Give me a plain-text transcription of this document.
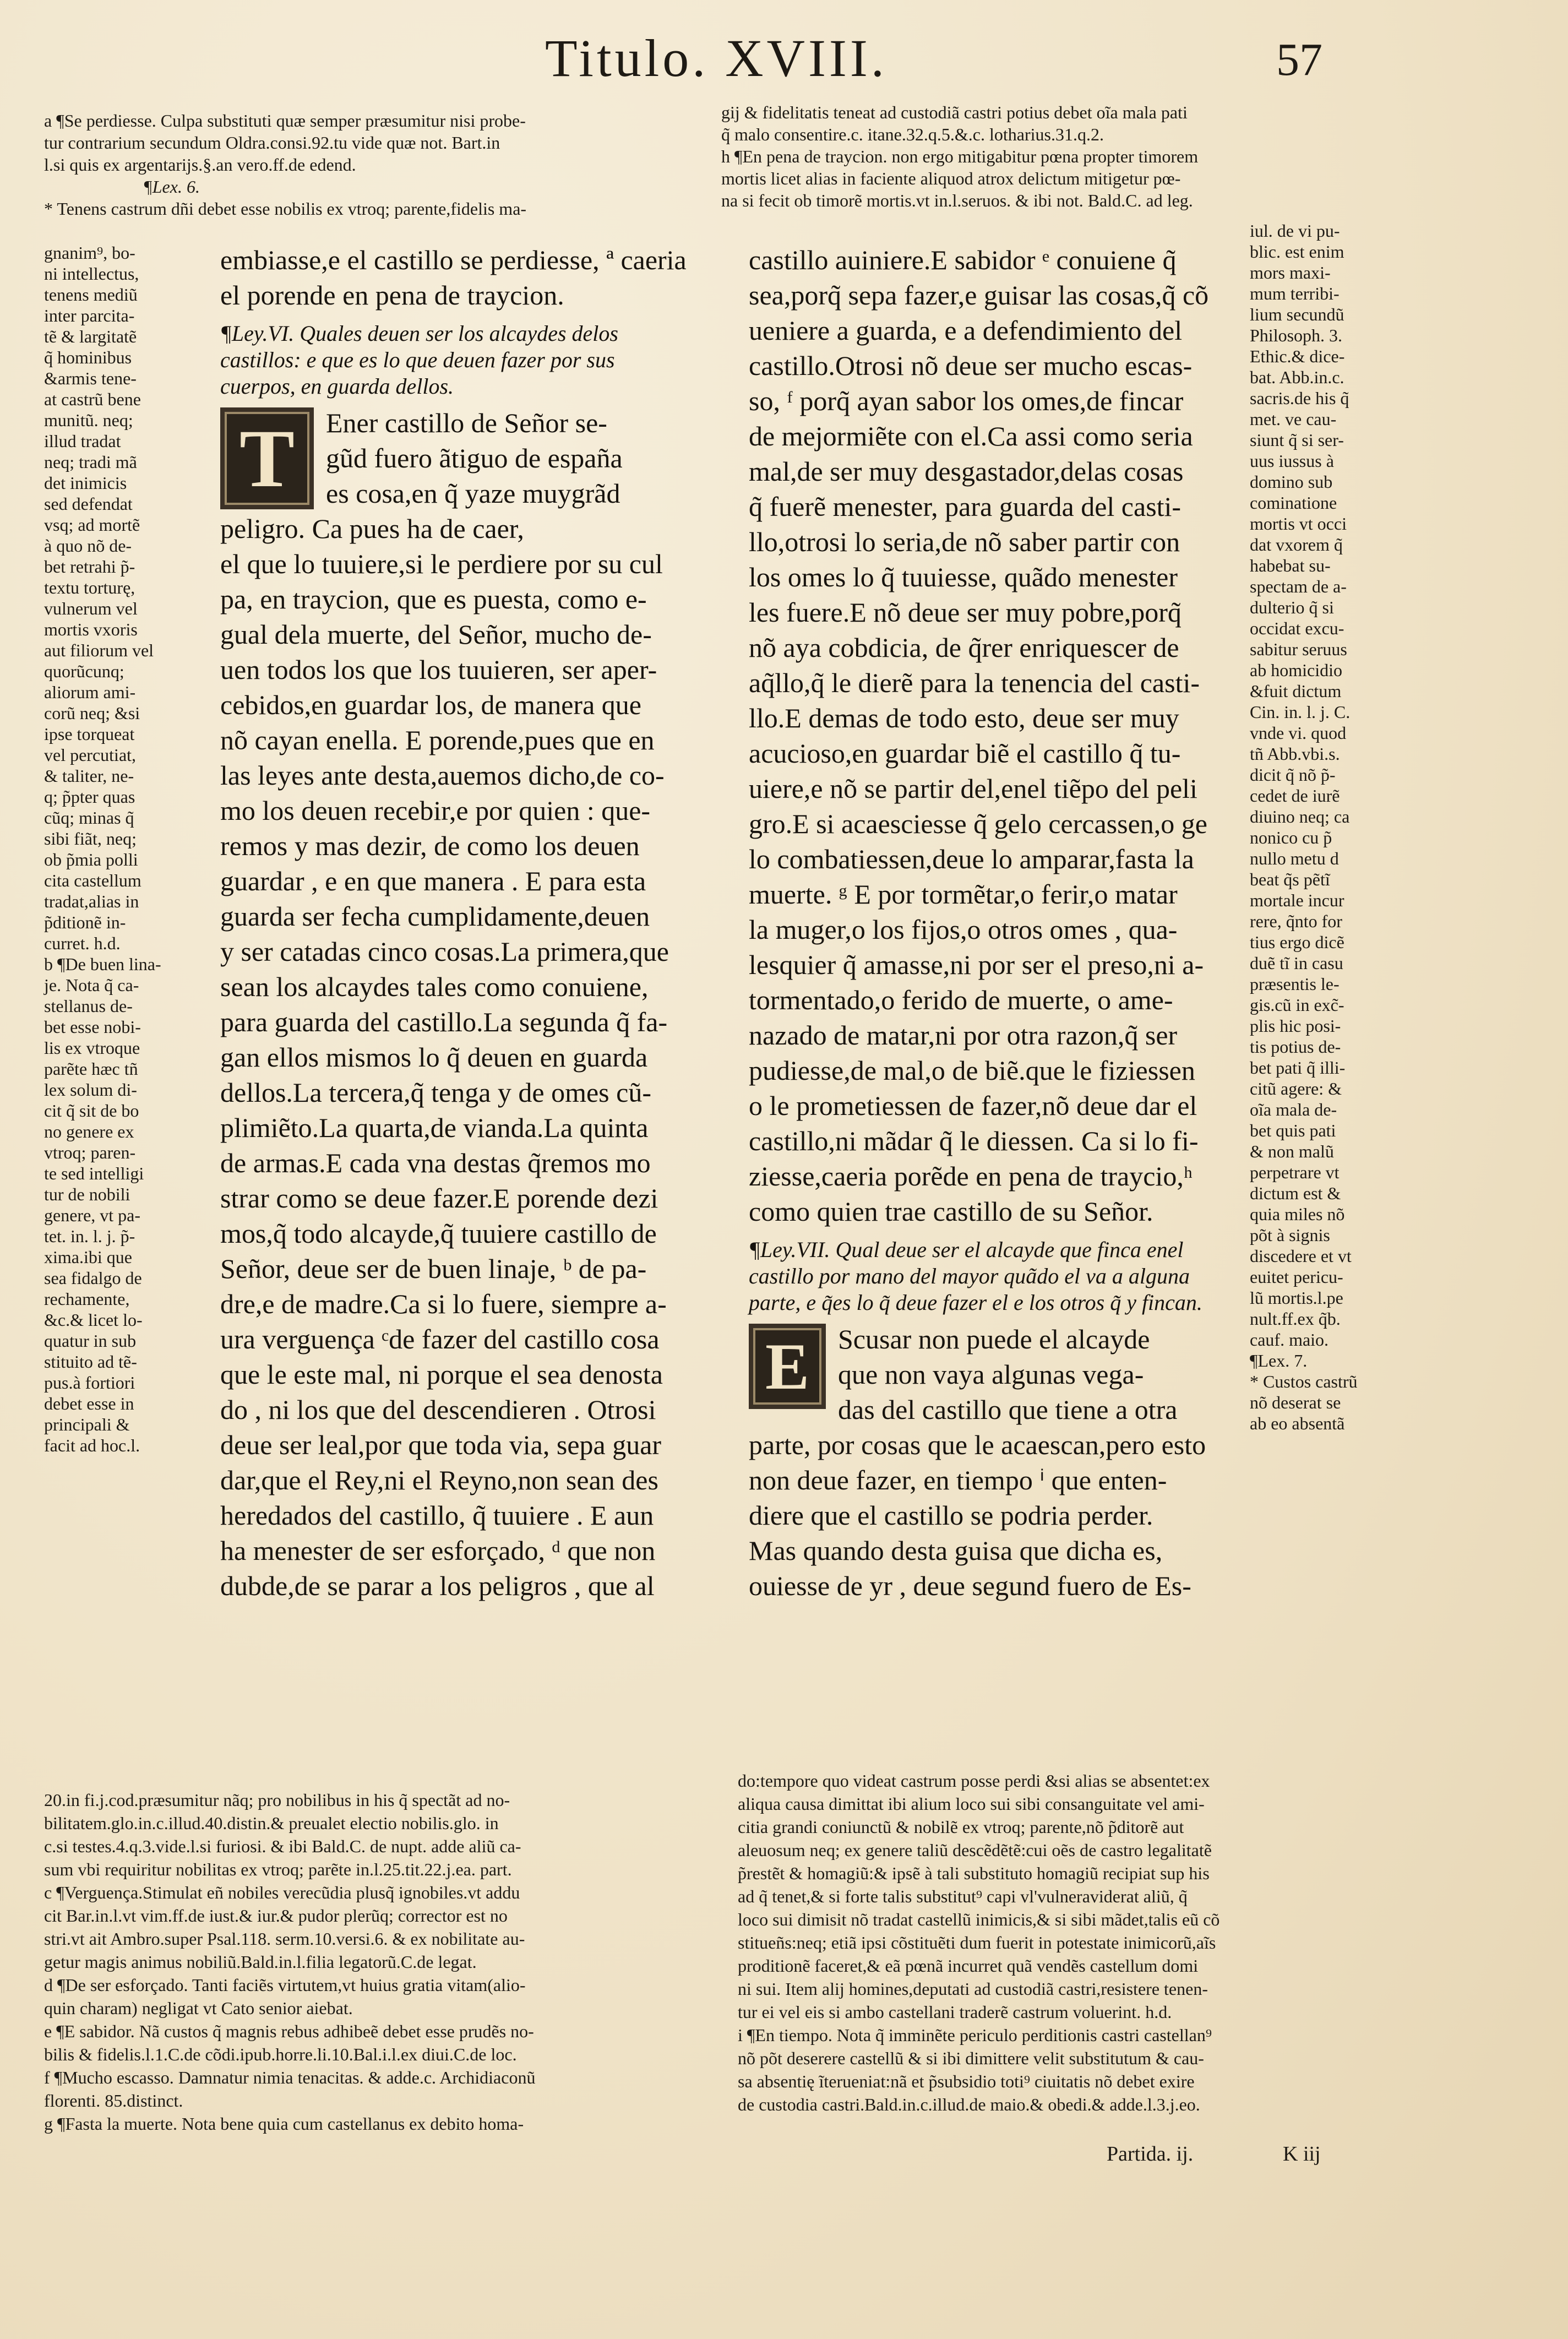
Titulo. XVIII.	57

a ¶Se perdiesse. Culpa substituti quæ semper præsumitur nisi probe-

tur contrarium secundum Oldra.consi.92.tu vide quæ not. Bart.in

l.si quis ex argentarijs.§.an vero.ff.de edend.

¶Lex. 6.

* Tenens castrum dñi debet esse nobilis ex vtroq; parente,fidelis ma-

gij & fidelitatis teneat ad custodiã castri potius debet oĩa mala pati

q̃ malo consentire.c. itane.32.q.5.&.c. lotharius.31.q.2.

h ¶En pena de traycion. non ergo mitigabitur pœna propter timorem

mortis licet alias in faciente aliquod atrox delictum mitigetur pœ-

na si fecit ob timorẽ mortis.vt in.l.seruos. & ibi not. Bald.C. ad leg.

gnanim⁹, bo-
ni intellectus,
tenens mediũ
inter parcita-
tẽ & largitatẽ
q̃ hominibus
&armis tene-
at castrũ bene
munitũ. neq;
illud tradat
neq; tradi mã
det inimicis
sed defendat
vsq; ad mortẽ
à quo nõ de-
bet retrahi p̃-
textu torturę,
vulnerum vel
mortis vxoris
aut filiorum vel
quorũcunq;
aliorum ami-
corũ neq; &si
ipse torqueat
vel percutiat,
& taliter, ne-
q; p̃pter quas
cũq; minas q̃
sibi fiãt, neq;
ob p̃mia polli
cita castellum
tradat,alias in
p̃ditionẽ in-
curret. h.d.
b ¶De buen lina-
je. Nota q̃ ca-
stellanus de-
bet esse nobi-
lis ex vtroque
parẽte hæc tñ
lex solum di-
cit q̃ sit de bo
no genere ex
vtroq; paren-
te sed intelligi
tur de nobili
genere, vt pa-
tet. in. l. j. p̃-
xima.ibi que
sea fidalgo de
rechamente,
&c.& licet lo-
quatur in sub
stituito ad tẽ-
pus.à fortiori
debet esse in
principali &
facit ad hoc.l.

embiasse,e el castillo se perdiesse, ª caeria

el porende en pena de traycion.

¶Ley.VI. Quales deuen ser los alcaydes delos castillos: e que es lo que deuen fazer por sus cuerpos, en guarda dellos.

T	Ener castillo de Señor se-

gũd fuero ãtiguo de españa

es cosa,en q̃ yaze muygrãd

peligro. Ca pues ha de caer,

el que lo tuuiere,si le perdiere por su cul

pa, en traycion, que es puesta, como e-

gual dela muerte, del Señor, mucho de-

uen todos los que los tuuieren, ser aper-

cebidos,en guardar los, de manera que

nõ cayan enella. E porende,pues que en

las leyes ante desta,auemos dicho,de co-

mo los deuen recebir,e por quien : que-

remos y mas dezir, de como los deuen

guardar , e en que manera . E para esta

guarda ser fecha cumplidamente,deuen

y ser catadas cinco cosas.La primera,que

sean los alcaydes tales como conuiene,

para guarda del castillo.La segunda q̃ fa-

gan ellos mismos lo q̃ deuen en guarda

dellos.La tercera,q̃ tenga y de omes cũ-

plimiẽto.La quarta,de vianda.La quinta

de armas.E cada vna destas q̃remos mo

strar como se deue fazer.E porende dezi

mos,q̃ todo alcayde,q̃ tuuiere castillo de

Señor, deue ser de buen linaje, ᵇ de pa-

dre,e de madre.Ca si lo fuere, siempre a-

ura verguença ᶜde fazer del castillo cosa

que le este mal, ni porque el sea denosta

do , ni los que del descendieren . Otrosi

deue ser leal,por que toda via, sepa guar

dar,que el Rey,ni el Reyno,non sean des

heredados del castillo, q̃ tuuiere . E aun

ha menester de ser esforçado, ᵈ que non

dubde,de se parar a los peligros , que al

castillo auiniere.E sabidor ᵉ conuiene q̃

sea,porq̃ sepa fazer,e guisar las cosas,q̃ cõ

ueniere a guarda, e a defendimiento del

castillo.Otrosi nõ deue ser mucho escas-

so, ᶠ porq̃ ayan sabor los omes,de fincar

de mejormiẽte con el.Ca assi como seria

mal,de ser muy desgastador,delas cosas

q̃ fuerẽ menester, para guarda del casti-

llo,otrosi lo seria,de nõ saber partir con

los omes lo q̃ tuuiesse, quãdo menester

les fuere.E nõ deue ser muy pobre,porq̃

nõ aya cobdicia, de q̃rer enriquescer de

aq̃llo,q̃ le dierẽ para la tenencia del casti-

llo.E demas de todo esto, deue ser muy

acucioso,en guardar biẽ el castillo q̃ tu-

uiere,e nõ se partir del,enel tiẽpo del peli

gro.E si acaesciesse q̃ gelo cercassen,o ge

lo combatiessen,deue lo amparar,fasta la

muerte. ᵍ E por tormẽtar,o ferir,o matar

la muger,o los fijos,o otros omes , qua-

lesquier q̃ amasse,ni por ser el preso,ni a-

tormentado,o ferido de muerte, o ame-

nazado de matar,ni por otra razon,q̃ ser

pudiesse,de mal,o de biẽ.que le fiziessen

o le prometiessen de fazer,nõ deue dar el

castillo,ni mãdar q̃ le diessen. Ca si lo fi-

ziesse,caeria porẽde en pena de traycio,ʰ

como quien trae castillo de su Señor.

¶Ley.VII. Qual deue ser el alcayde que finca enel castillo por mano del mayor quãdo el va a alguna parte, e q̃es lo q̃ deue fazer el e los otros q̃ y fincan.

E	Scusar non puede el alcayde

que non vaya algunas vega-

das del castillo que tiene a otra

parte, por cosas que le acaescan,pero esto

non deue fazer, en tiempo ⁱ que enten-

diere que el castillo se podria perder.

Mas quando desta guisa que dicha es,

ouiesse de yr , deue segund fuero de Es-

iul. de vi pu-
blic. est enim
mors maxi-
mum terribi-
lium secundũ
Philosoph. 3.
Ethic.& dice-
bat. Abb.in.c.
sacris.de his q̃
met. ve cau-
siunt q̃ si ser-
uus iussus à
domino sub
cominatione
mortis vt occi
dat vxorem q̃
habebat su-
spectam de a-
dulterio q̃ si
occidat excu-
sabitur seruus
ab homicidio
&fuit dictum
Cin. in. l. j. C.
vnde vi. quod
tñ Abb.vbi.s.
dicit q̃ nõ p̃-
cedet de iurẽ
diuino neq; ca
nonico cu p̃
nullo metu d
beat q̃s pẽtĩ
mortale incur
rere, q̃nto for
tius ergo dicẽ
duẽ tĩ in casu
præsentis le-
gis.cũ in exc̃-
plis hic posi-
tis potius de-
bet pati q̃ illi-
citũ agere: &
oĩa mala de-
bet quis pati
& non malũ
perpetrare vt
dictum est &
quia miles nõ
põt à signis
discedere et vt
euitet pericu-
lũ mortis.l.pe
nult.ff.ex q̃b.
cauf. maio.
¶Lex. 7.
* Custos castrũ
nõ deserat se
ab eo absentã

20.in fi.j.cod.præsumitur nãq; pro nobilibus in his q̃ spectãt ad no-

bilitatem.glo.in.c.illud.40.distin.& preualet electio nobilis.glo. in

c.si testes.4.q.3.vide.l.si furiosi. & ibi Bald.C. de nupt. adde aliũ ca-

sum vbi requiritur nobilitas ex vtroq; parẽte in.l.25.tit.22.j.ea. part.

c ¶Verguença.Stimulat eñ nobiles verecũdia plusq̃ ignobiles.vt addu

cit Bar.in.l.vt vim.ff.de iust.& iur.& pudor plerũq; corrector est no

stri.vt ait Ambro.super Psal.118. serm.10.versi.6. & ex nobilitate au-

getur magis animus nobiliũ.Bald.in.l.filia legatorũ.C.de legat.

d ¶De ser esforçado. Tanti faciẽs virtutem,vt huius gratia vitam(alio-

quin charam) negligat vt Cato senior aiebat.

e ¶E sabidor. Nã custos q̃ magnis rebus adhibeẽ debet esse prudẽs no-

bilis & fidelis.l.1.C.de cõdi.ipub.horre.li.10.Bal.i.l.ex diui.C.de loc.

f ¶Mucho escasso. Damnatur nimia tenacitas. & adde.c. Archidiaconũ

florenti. 85.distinct.

g ¶Fasta la muerte. Nota bene quia cum castellanus ex debito homa-

do:tempore quo videat castrum posse perdi &si alias se absentet:ex

aliqua causa dimittat ibi alium loco sui sibi consanguitate vel ami-

citia grandi coniunctũ & nobilẽ ex vtroq; parente,nõ p̃ditorẽ aut

aleuosum neq; ex genere taliũ descẽdẽtẽ:cui oẽs de castro legalitatẽ

p̃restẽt & homagiũ:& ipsẽ à tali substituto homagiũ recipiat sup his

ad q̃ tenet,& si forte talis substitut⁹ capi vl'vulneraviderat aliũ, q̃

loco sui dimisit nõ tradat castellũ inimicis,& si sibi mãdet,talis eũ cõ

stitueñs:neq; etiã ipsi cõstituẽti dum fuerit in potestate inimicorũ,aĩs

proditionẽ faceret,& eã pœnã incurret quã vendẽs castellum domi

ni sui. Item alij homines,deputati ad custodiã castri,resistere tenen-

tur ei vel eis si ambo castellani traderẽ castrum voluerint. h.d.

i ¶En tiempo. Nota q̃ imminẽte periculo perditionis castri castellan⁹

nõ põt deserere castellũ & si ibi dimittere velit substitutum & cau-

sa absentię ĩterueniat:nã et p̃subsidio toti⁹ ciuitatis nõ debet exire

de custodia castri.Bald.in.c.illud.de maio.& obedi.& adde.l.3.j.eo.

Partida. ij.	K iij
